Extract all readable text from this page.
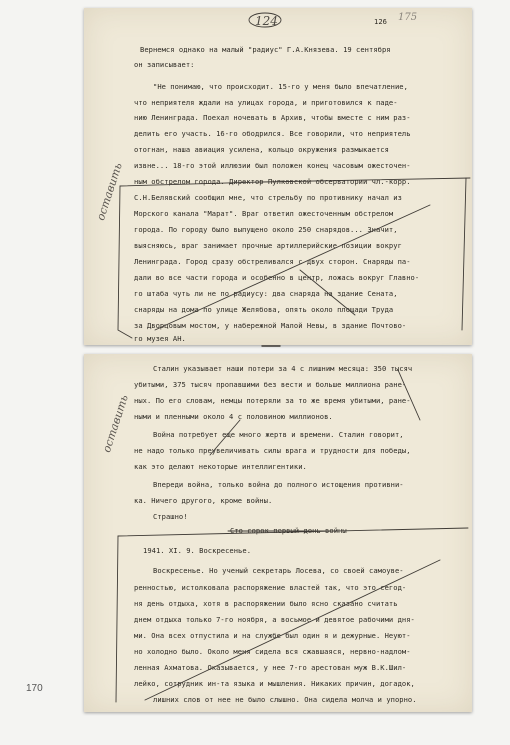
124	126 175
оставить
оставить
Вернемся однако на малый "радиус" Г.А.Князева. 19 сентября
он записывает:
"Не понимаю, что происходит. 15-го у меня было впечатление,
что неприятеля ждали на улицах города, и приготовился к паде-
нию Ленинграда. Поехал ночевать в Архив, чтобы вместе с ним раз-
делить его участь. 16-го ободрился. Все говорили, что неприятель
отогнан, наша авиация усилена, кольцо окружения размыкается
извне... 18-го этой иллюзии был положен конец часовым ожесточен-
ным обстрелом города. Директор Пулковской обсерватории чл.-корр.
С.Н.Белявский сообщил мне, что стрельбу по противнику начал из
Морского канала "Марат". Враг ответил ожесточенным обстрелом
города. По городу было выпущено около 250 снарядов... Значит,
выясняюсь, враг занимает прочные артиллерийские позиции вокруг
Ленинграда. Город сразу обстреливался с двух сторон. Снаряды па-
дали во все части города и особенно в центр, ложась вокруг Главно-
го штаба чуть ли не по радиусу: два снаряда на здание Сената,
снаряды на дома по улице Желябова, опять около площади Труда
за Дворцовым мостом, у набережной Малой Невы, в здание Почтово-
го музея АН.
Сталин указывает наши потери за 4 с лишним месяца: 350 тысяч
убитыми, 375 тысяч пропавшими без вести и больше миллиона ране-
ных. По его словам, немцы потеряли за то же время убитыми, ране-
ными и пленными около 4 с половиною миллионов.
Война потребует еще много жертв и времени. Сталин говорит,
не надо только преувеличивать силы врага и трудности для победы,
как это делают некоторые интеллигентики.
Впереди война, только война до полного истощения противни-
ка. Ничего другого, кроме войны.
Страшно!
Сто сорок первый день войны
1941. XI. 9. Воскресенье.
Воскресенье. Но ученый секретарь Лосева, со своей самоуве-
ренностью, истолковала распоряжение властей так, что это сегод-
ня день отдыха, хотя в распоряжении было ясно сказано считать
днем отдыха только 7-го ноября, а восьмое и девятое рабочими дня-
ми. Она всех отпустила и на службе был один я и дежурные. Неуют-
но холодно было. Около меня сидела вся сжавшаяся, нервно-надлом-
ленная Ахматова. Оказывается, у нее 7-го арестован муж В.К.Шил-
лейко, сотрудник ин-та языка и мышления. Никаких причин, догадок,
лишних слов от нее не было слышно. Она сидела молча и упорно.
170
